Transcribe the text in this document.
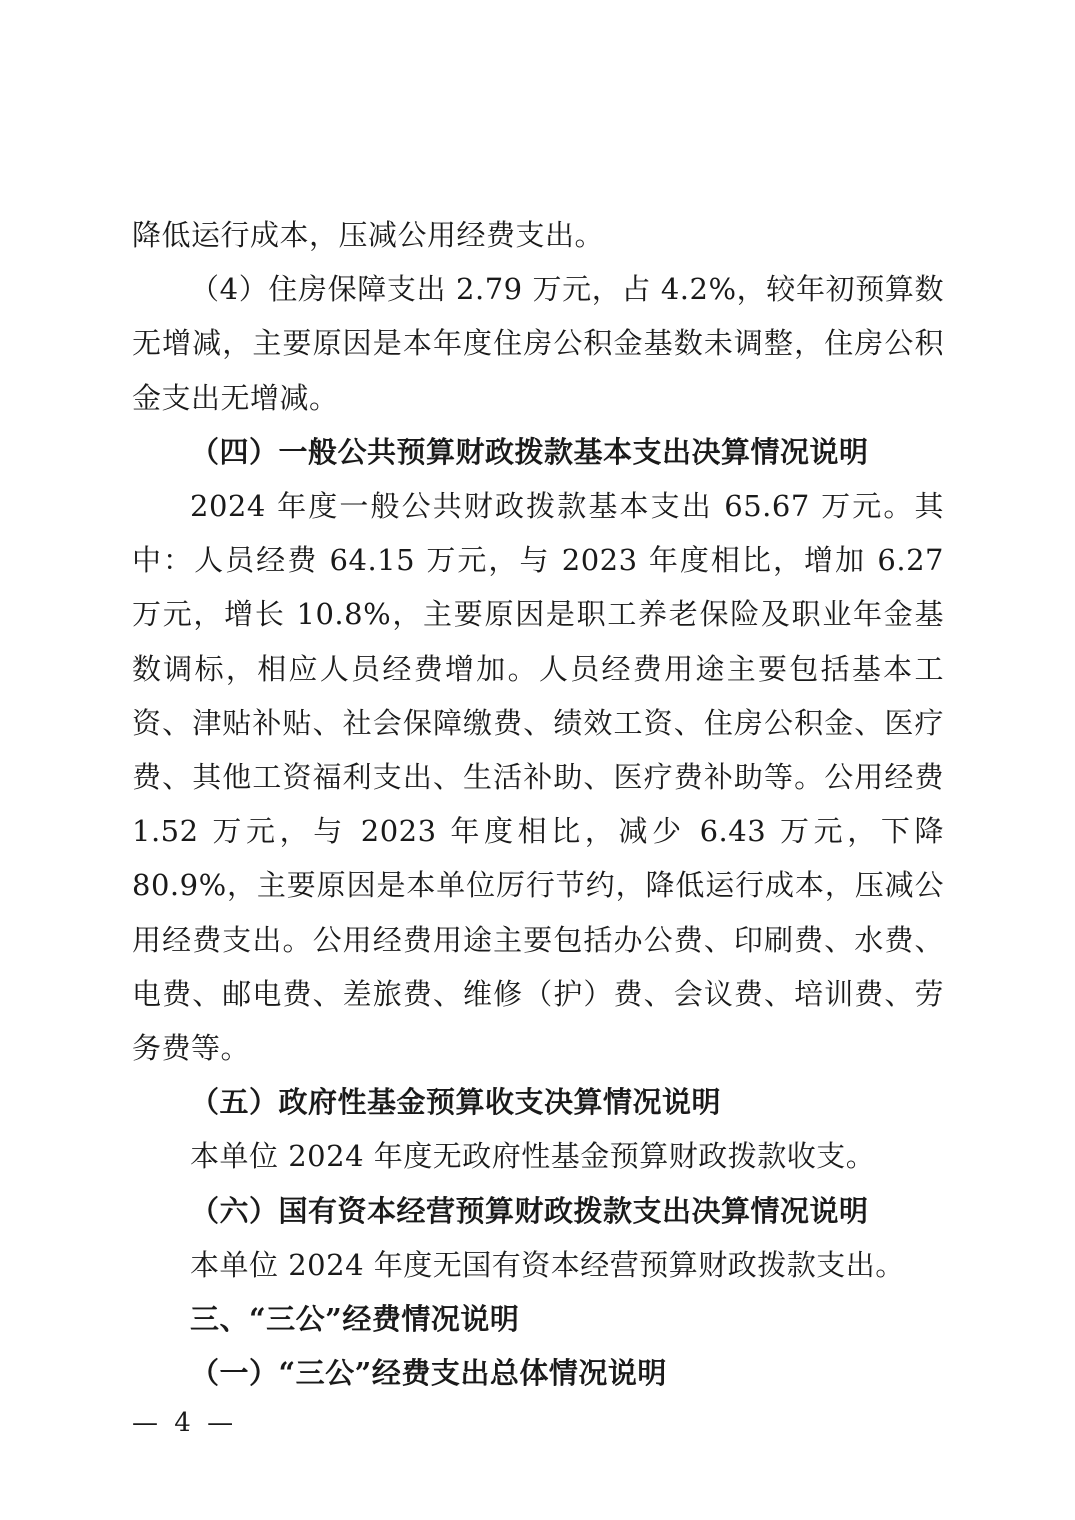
降低运行成本，压减公用经费支出。

（4）住房保障支出 2.79 万元，占 4.2%，较年初预算数无增减，主要原因是本年度住房公积金基数未调整，住房公积金支出无增减。

（四）一般公共预算财政拨款基本支出决算情况说明

2024 年度一般公共财政拨款基本支出 65.67 万元。其中：人员经费 64.15 万元，与 2023 年度相比，增加 6.27 万元，增长 10.8%，主要原因是职工养老保险及职业年金基数调标，相应人员经费增加。人员经费用途主要包括基本工资、津贴补贴、社会保障缴费、绩效工资、住房公积金、医疗费、其他工资福利支出、生活补助、医疗费补助等。公用经费 1.52 万元，与 2023 年度相比，减少 6.43 万元，下降 80.9%，主要原因是本单位厉行节约，降低运行成本，压减公用经费支出。公用经费用途主要包括办公费、印刷费、水费、电费、邮电费、差旅费、维修（护）费、会议费、培训费、劳务费等。

（五）政府性基金预算收支决算情况说明

本单位 2024 年度无政府性基金预算财政拨款收支。

（六）国有资本经营预算财政拨款支出决算情况说明

本单位 2024 年度无国有资本经营预算财政拨款支出。

三、“三公”经费情况说明

（一）“三公”经费支出总体情况说明

— 4 —
